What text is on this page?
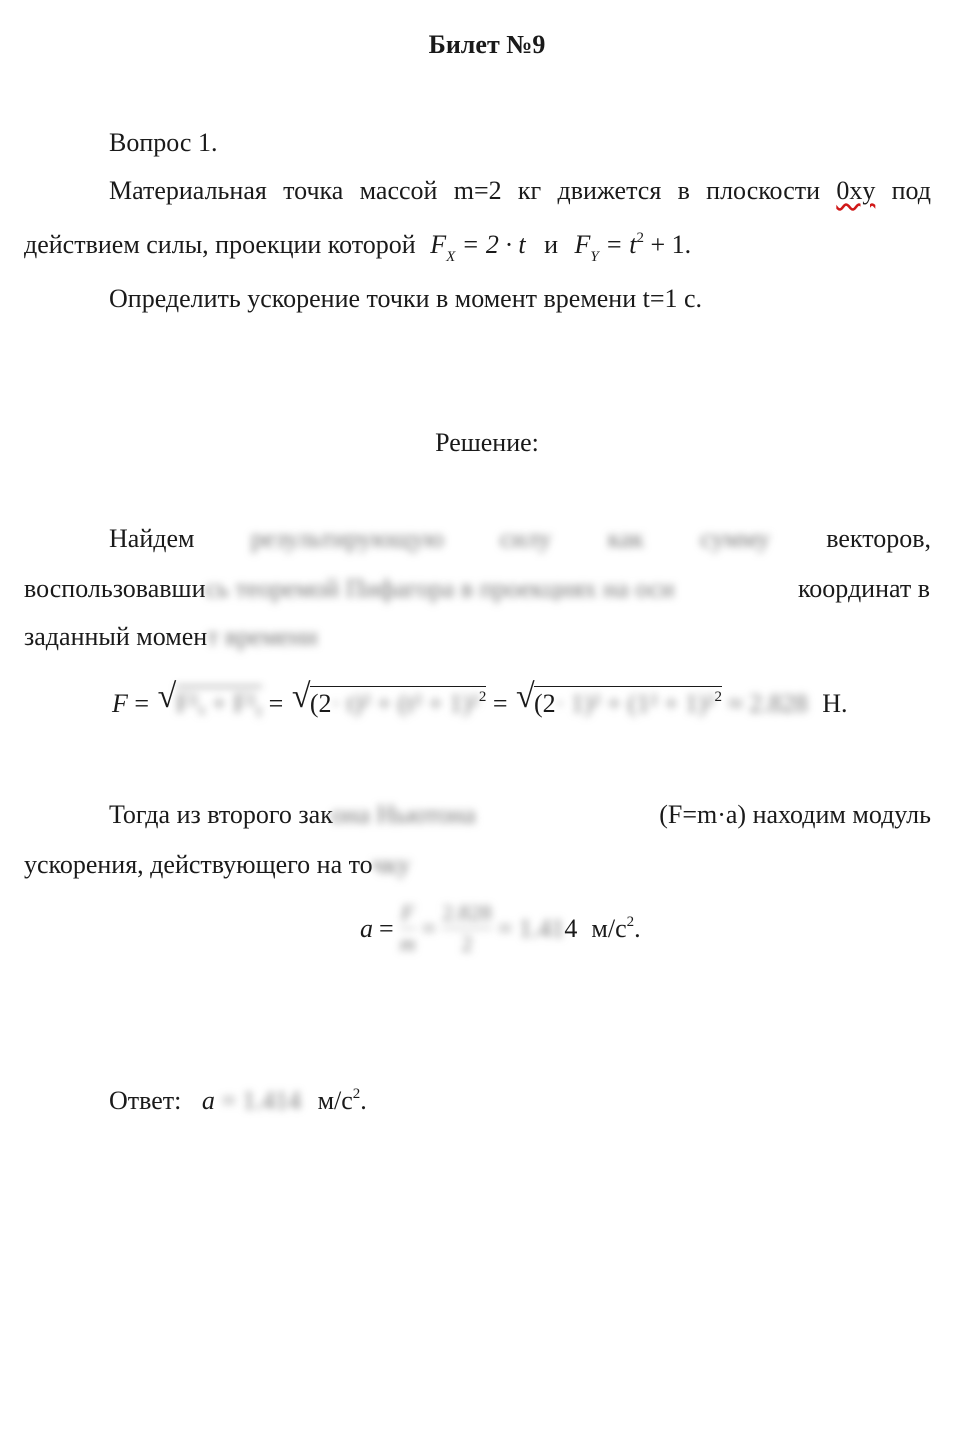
Билет №9
Вопрос 1.
Материальная точка массой m=2 кг движется в плоскости 0xy под
действием силы, проекции которой $F_X = 2 \cdot t$ и $F_Y = t^2 + 1$.
Определить ускорение точки в момент времени t=1 с.
Решение:
Найдем результирующую силу как сумму векторов,
воспользовавшись теоремой Пифагора в проекциях на оси	координат в
заданный момент времени
F = √ F²ₓ + F²ᵧ = √ (2· t)² + (t² + 1)²$^2$ = √ (2· 1)² + (1² + 1)²$^2$ ≈ 2.828 Н.
Тогда из второго закона Ньютона	(F=m·a) находим модуль
ускорения, действующего на точку
$a = \frac{F}{m} = \frac{2.828}{2} = 1.41$ 4 $м/с^2$.
Ответ: a = 1.414 $м/с^2$.
